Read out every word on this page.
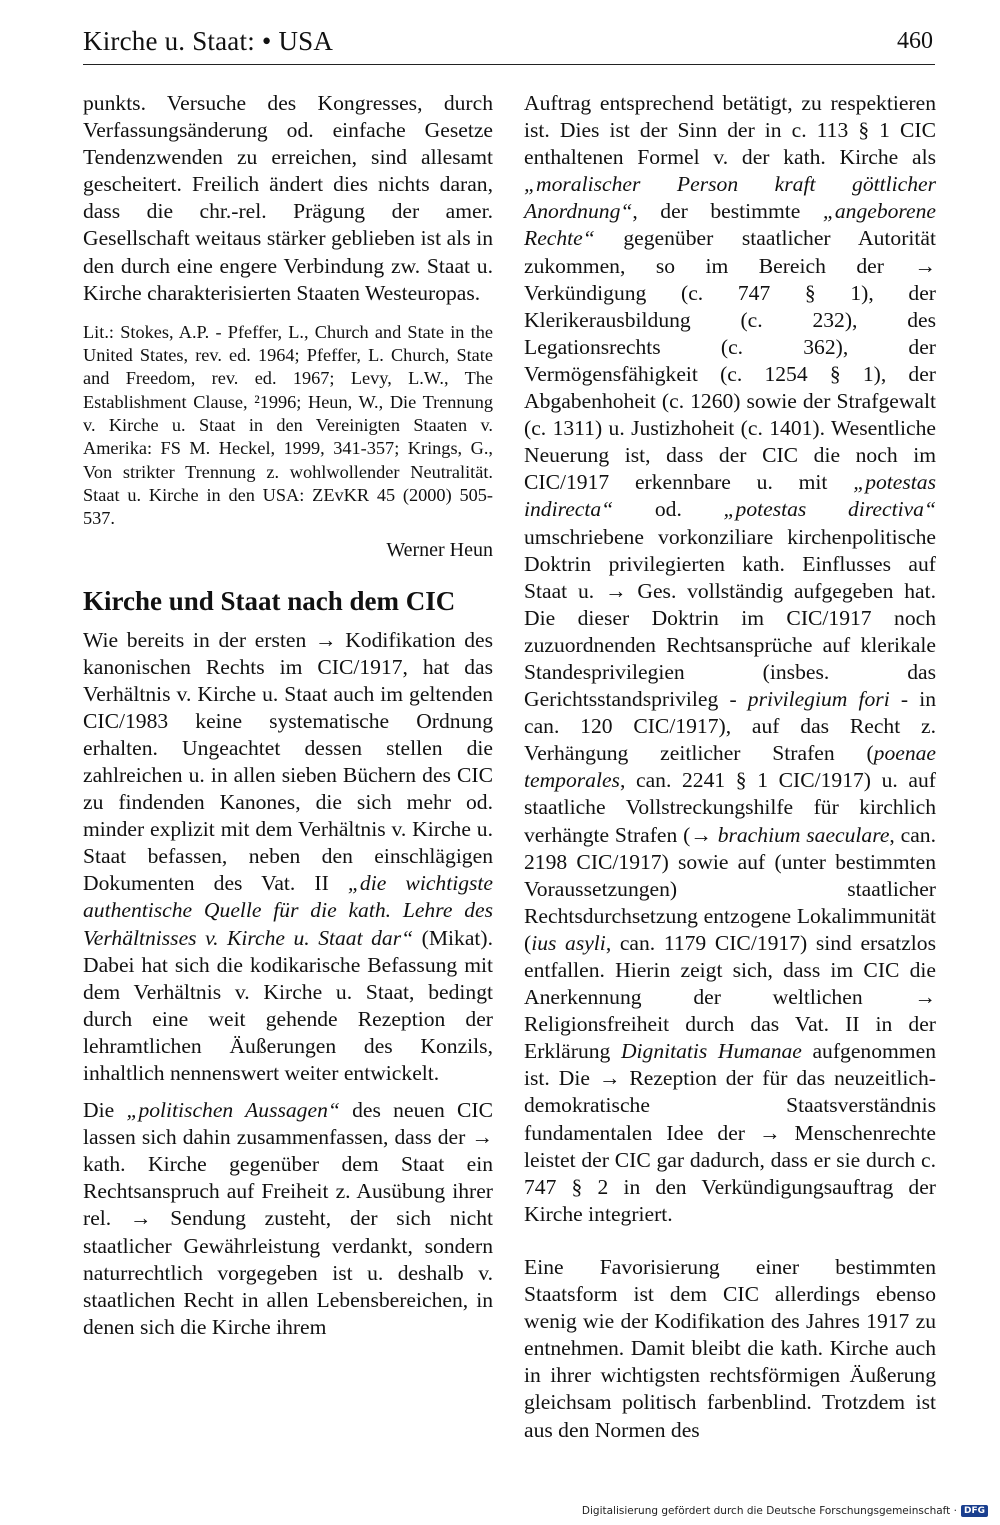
Kirche u. Staat: • USA	460

punkts. Versuche des Kongresses, durch Verfassungsänderung od. einfache Gesetze Tendenzwenden zu erreichen, sind allesamt gescheitert. Freilich ändert dies nichts daran, dass die chr.-rel. Prägung der amer. Gesellschaft weitaus stärker geblieben ist als in den durch eine engere Verbindung zw. Staat u. Kirche charakterisierten Staaten Westeuropas.

Lit.: Stokes, A.P. - Pfeffer, L., Church and State in the United States, rev. ed. 1964; Pfeffer, L. Church, State and Freedom, rev. ed. 1967; Levy, L.W., The Establishment Clause, ²1996; Heun, W., Die Trennung v. Kirche u. Staat in den Vereinigten Staaten v. Amerika: FS M. Heckel, 1999, 341-357; Krings, G., Von strikter Trennung z. wohlwollender Neutralität. Staat u. Kirche in den USA: ZEvKR 45 (2000) 505-537.

Werner Heun

Kirche und Staat nach dem CIC

Wie bereits in der ersten → Kodifikation des kanonischen Rechts im CIC/1917, hat das Verhältnis v. Kirche u. Staat auch im geltenden CIC/1983 keine systematische Ordnung erhalten. Ungeachtet dessen stellen die zahlreichen u. in allen sieben Büchern des CIC zu findenden Kanones, die sich mehr od. minder explizit mit dem Verhältnis v. Kirche u. Staat befassen, neben den einschlägigen Dokumenten des Vat. II „die wichtigste authentische Quelle für die kath. Lehre des Verhältnisses v. Kirche u. Staat dar“ (Mikat). Dabei hat sich die kodikarische Befassung mit dem Verhältnis v. Kirche u. Staat, bedingt durch eine weit gehende Rezeption der lehramtlichen Äußerungen des Konzils, inhaltlich nennenswert weiter entwickelt.

Die „politischen Aussagen“ des neuen CIC lassen sich dahin zusammenfassen, dass der → kath. Kirche gegenüber dem Staat ein Rechtsanspruch auf Freiheit z. Ausübung ihrer rel. → Sendung zusteht, der sich nicht staatlicher Gewährleistung verdankt, sondern naturrechtlich vorgegeben ist u. deshalb v. staatlichen Recht in allen Lebensbereichen, in denen sich die Kirche ihrem

Auftrag entsprechend betätigt, zu respektieren ist. Dies ist der Sinn der in c. 113 § 1 CIC enthaltenen Formel v. der kath. Kirche als „moralischer Person kraft göttlicher Anordnung“, der bestimmte „angeborene Rechte“ gegenüber staatlicher Autorität zukommen, so im Bereich der → Verkündigung (c. 747 § 1), der Klerikerausbildung (c. 232), des Legationsrechts (c. 362), der Vermögensfähigkeit (c. 1254 § 1), der Abgabenhoheit (c. 1260) sowie der Strafgewalt (c. 1311) u. Justizhoheit (c. 1401). Wesentliche Neuerung ist, dass der CIC die noch im CIC/1917 erkennbare u. mit „potestas indirecta“ od. „potestas directiva“ umschriebene vorkonziliare kirchenpolitische Doktrin privilegierten kath. Einflusses auf Staat u. → Ges. vollständig aufgegeben hat. Die dieser Doktrin im CIC/1917 noch zuzuordnenden Rechtsansprüche auf klerikale Standesprivilegien (insbes. das Gerichtsstandsprivileg - privilegium fori - in can. 120 CIC/1917), auf das Recht z. Verhängung zeitlicher Strafen (poenae temporales, can. 2241 § 1 CIC/1917) u. auf staatliche Vollstreckungshilfe für kirchlich verhängte Strafen (→ brachium saeculare, can. 2198 CIC/1917) sowie auf (unter bestimmten Voraussetzungen) staatlicher Rechtsdurchsetzung entzogene Lokalimmunität (ius asyli, can. 1179 CIC/1917) sind ersatzlos entfallen. Hierin zeigt sich, dass im CIC die Anerkennung der weltlichen → Religionsfreiheit durch das Vat. II in der Erklärung Dignitatis Humanae aufgenommen ist. Die → Rezeption der für das neuzeitlich-demokratische Staatsverständnis fundamentalen Idee der → Menschenrechte leistet der CIC gar dadurch, dass er sie durch c. 747 § 2 in den Verkündigungsauftrag der Kirche integriert.

Eine Favorisierung einer bestimmten Staatsform ist dem CIC allerdings ebenso wenig wie der Kodifikation des Jahres 1917 zu entnehmen. Damit bleibt die kath. Kirche auch in ihrer wichtigsten rechtsförmigen Äußerung gleichsam politisch farbenblind. Trotzdem ist aus den Normen des

Digitalisierung gefördert durch die Deutsche Forschungsgemeinschaft · DFG
